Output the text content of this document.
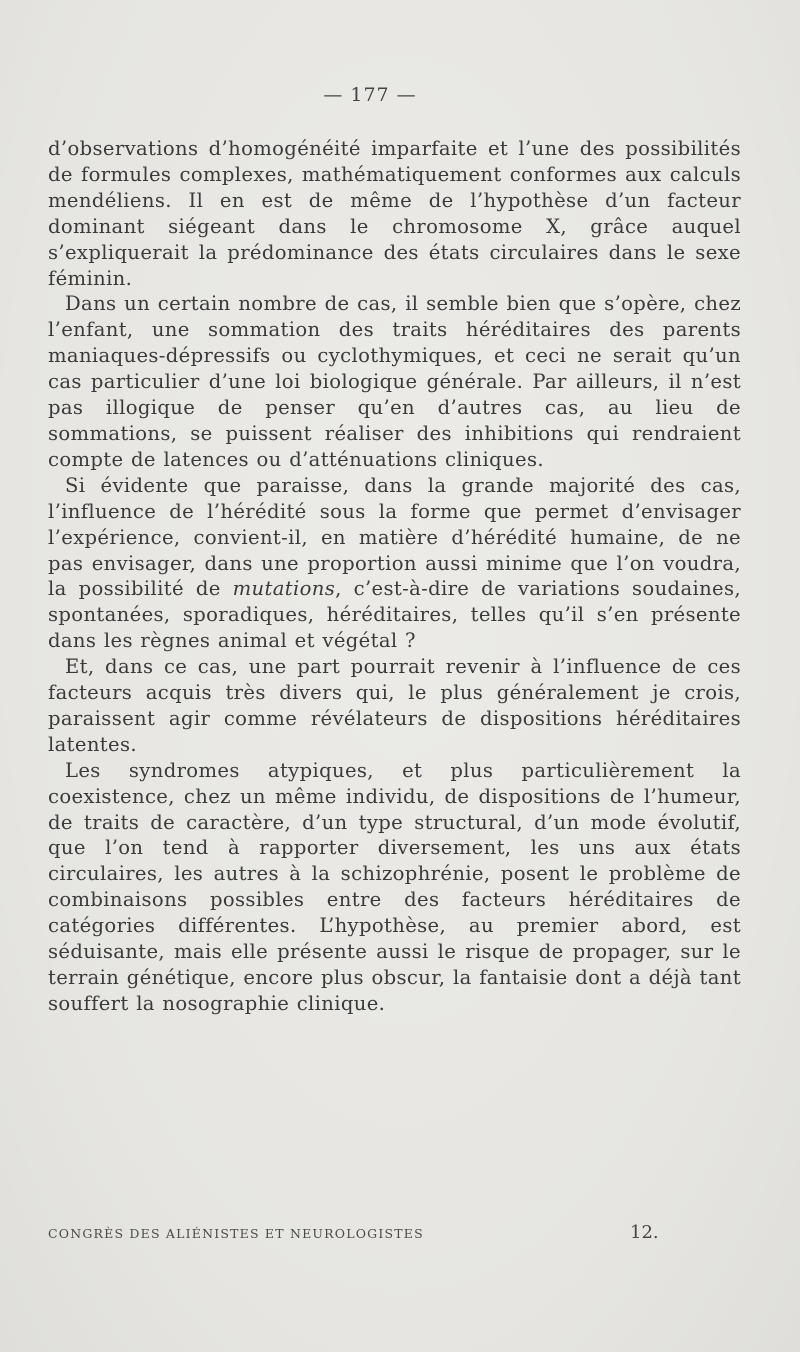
— 177 —

d’observations d’homogénéité imparfaite et l’une des possibilités de formules complexes, mathématiquement conformes aux calculs mendéliens. Il en est de même de l’hypothèse d’un facteur dominant siégeant dans le chromosome X, grâce auquel s’expliquerait la prédominance des états circulaires dans le sexe féminin.

Dans un certain nombre de cas, il semble bien que s’opère, chez l’enfant, une sommation des traits héréditaires des parents maniaques-dépressifs ou cyclothymiques, et ceci ne serait qu’un cas particulier d’une loi biologique générale. Par ailleurs, il n’est pas illogique de penser qu’en d’autres cas, au lieu de sommations, se puissent réaliser des inhibitions qui rendraient compte de latences ou d’atténuations cliniques.

Si évidente que paraisse, dans la grande majorité des cas, l’influence de l’hérédité sous la forme que permet d’envisager l’expérience, convient-il, en matière d’hérédité humaine, de ne pas envisager, dans une proportion aussi minime que l’on voudra, la possibilité de mutations, c’est-à-dire de variations soudaines, spontanées, sporadiques, héréditaires, telles qu’il s’en présente dans les règnes animal et végétal ?

Et, dans ce cas, une part pourrait revenir à l’influence de ces facteurs acquis très divers qui, le plus généralement je crois, paraissent agir comme révélateurs de dispositions héréditaires latentes.

Les syndromes atypiques, et plus particulièrement la coexistence, chez un même individu, de dispositions de l’humeur, de traits de caractère, d’un type structural, d’un mode évolutif, que l’on tend à rapporter diversement, les uns aux états circulaires, les autres à la schizophrénie, posent le problème de combinaisons possibles entre des facteurs héréditaires de catégories différentes. L’hypothèse, au premier abord, est séduisante, mais elle présente aussi le risque de propager, sur le terrain génétique, encore plus obscur, la fantaisie dont a déjà tant souffert la nosographie clinique.

CONGRÈS DES ALIÉNISTES ET NEUROLOGISTES	12.
